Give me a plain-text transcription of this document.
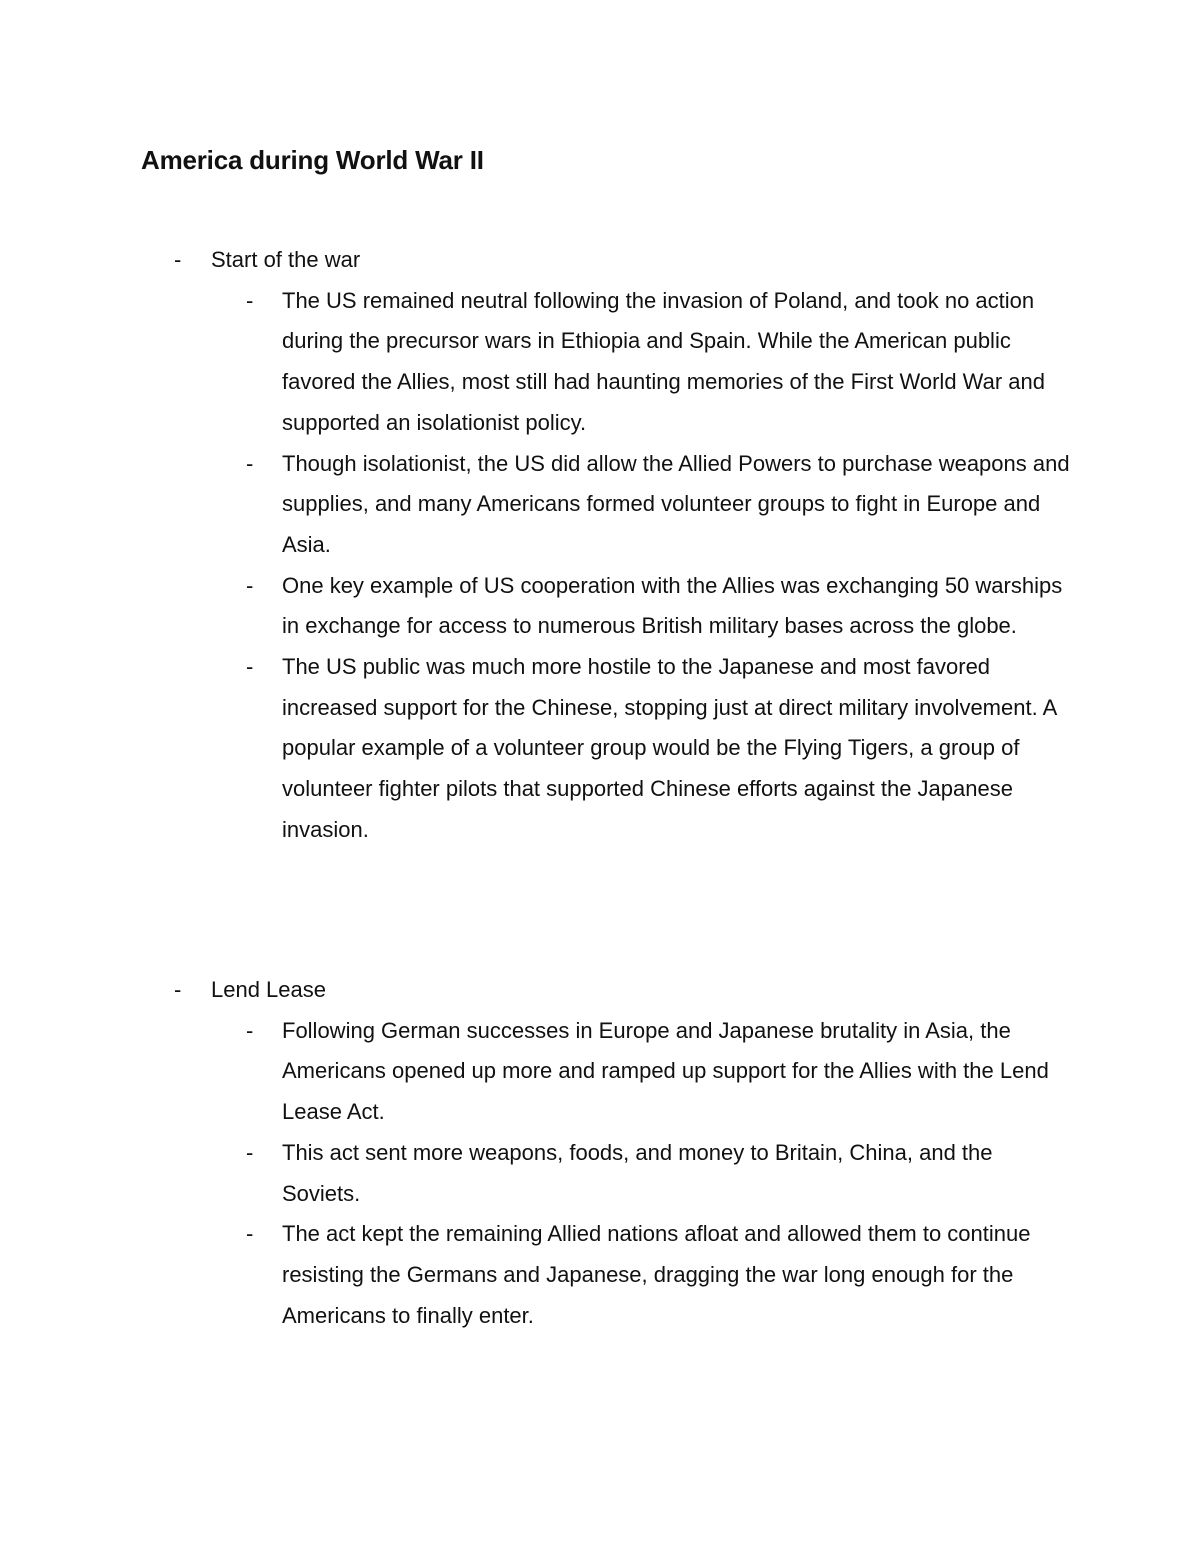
America during World War II
-	Start of the war
-	The US remained neutral following the invasion of Poland, and took no action during the precursor wars in Ethiopia and Spain. While the American public favored the Allies, most still had haunting memories of the First World War and supported an isolationist policy.
-	Though isolationist, the US did allow the Allied Powers to purchase weapons and supplies, and many Americans formed volunteer groups to fight in Europe and Asia.
-	One key example of US cooperation with the Allies was exchanging 50 warships in exchange for access to numerous British military bases across the globe.
-	The US public was much more hostile to the Japanese and most favored increased support for the Chinese, stopping just at direct military involvement. A popular example of a volunteer group would be the Flying Tigers, a group of volunteer fighter pilots that supported Chinese efforts against the Japanese invasion.
-	Lend Lease
-	Following German successes in Europe and Japanese brutality in Asia, the Americans opened up more and ramped up support for the Allies with the Lend Lease Act.
-	This act sent more weapons, foods, and money to Britain, China, and the Soviets.
-	The act kept the remaining Allied nations afloat and allowed them to continue resisting the Germans and Japanese, dragging the war long enough for the Americans to finally enter.
